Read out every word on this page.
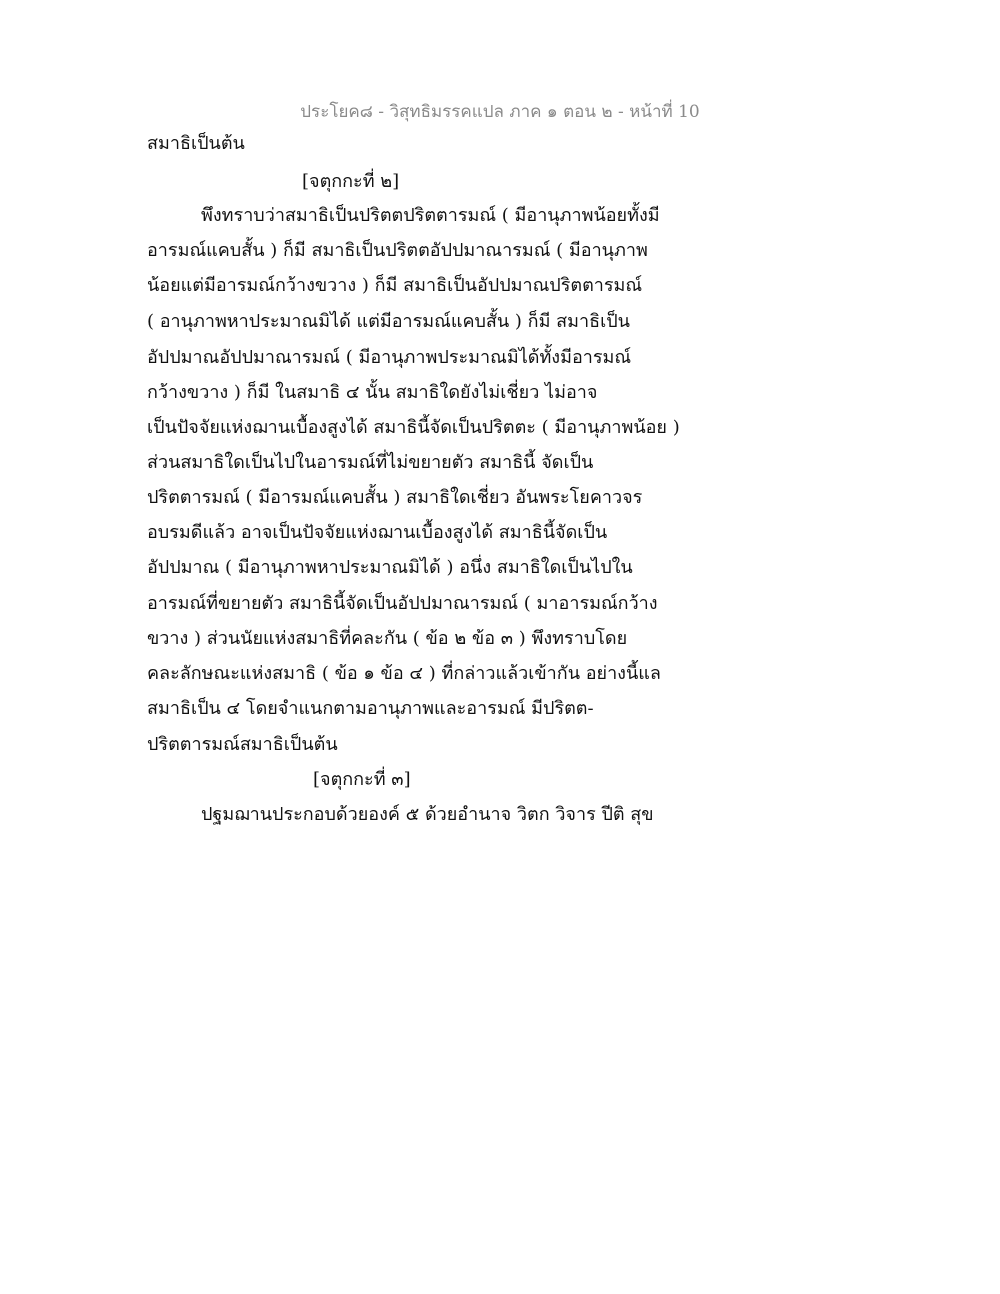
ประโยค๘ - วิสุทธิมรรคแปล ภาค ๑ ตอน ๒ - หน้าที่ 10
สมาธิเป็นต้น
[จตุกกะที่ ๒]
พึงทราบว่าสมาธิเป็นปริตตปริตตารมณ์ ( มีอานุภาพน้อยทั้งมี
อารมณ์แคบสั้น ) ก็มี สมาธิเป็นปริตตอัปปมาณารมณ์ ( มีอานุภาพ
น้อยแต่มีอารมณ์กว้างขวาง ) ก็มี สมาธิเป็นอัปปมาณปริตตารมณ์
( อานุภาพหาประมาณมิได้ แต่มีอารมณ์แคบสั้น ) ก็มี สมาธิเป็น
อัปปมาณอัปปมาณารมณ์ ( มีอานุภาพประมาณมิได้ทั้งมีอารมณ์
กว้างขวาง ) ก็มี ในสมาธิ ๔ นั้น สมาธิใดยังไม่เชี่ยว ไม่อาจ
เป็นปัจจัยแห่งฌานเบื้องสูงได้ สมาธินี้จัดเป็นปริตตะ ( มีอานุภาพน้อย )
ส่วนสมาธิใดเป็นไปในอารมณ์ที่ไม่ขยายตัว สมาธินี้ จัดเป็น
ปริตตารมณ์ ( มีอารมณ์แคบสั้น ) สมาธิใดเชี่ยว อันพระโยคาวจร
อบรมดีแล้ว อาจเป็นปัจจัยแห่งฌานเบื้องสูงได้ สมาธินี้จัดเป็น
อัปปมาณ ( มีอานุภาพหาประมาณมิได้ ) อนึ่ง สมาธิใดเป็นไปใน
อารมณ์ที่ขยายตัว สมาธินี้จัดเป็นอัปปมาณารมณ์ ( มาอารมณ์กว้าง
ขวาง ) ส่วนนัยแห่งสมาธิที่คละกัน ( ข้อ ๒ ข้อ ๓ ) พึงทราบโดย
คละลักษณะแห่งสมาธิ ( ข้อ ๑ ข้อ ๔ ) ที่กล่าวแล้วเข้ากัน อย่างนี้แล
สมาธิเป็น ๔ โดยจำแนกตามอานุภาพและอารมณ์ มีปริตต-
ปริตตารมณ์สมาธิเป็นต้น
[จตุกกะที่ ๓]
ปฐมฌานประกอบด้วยองค์ ๕ ด้วยอำนาจ วิตก วิจาร ปีติ สุข
